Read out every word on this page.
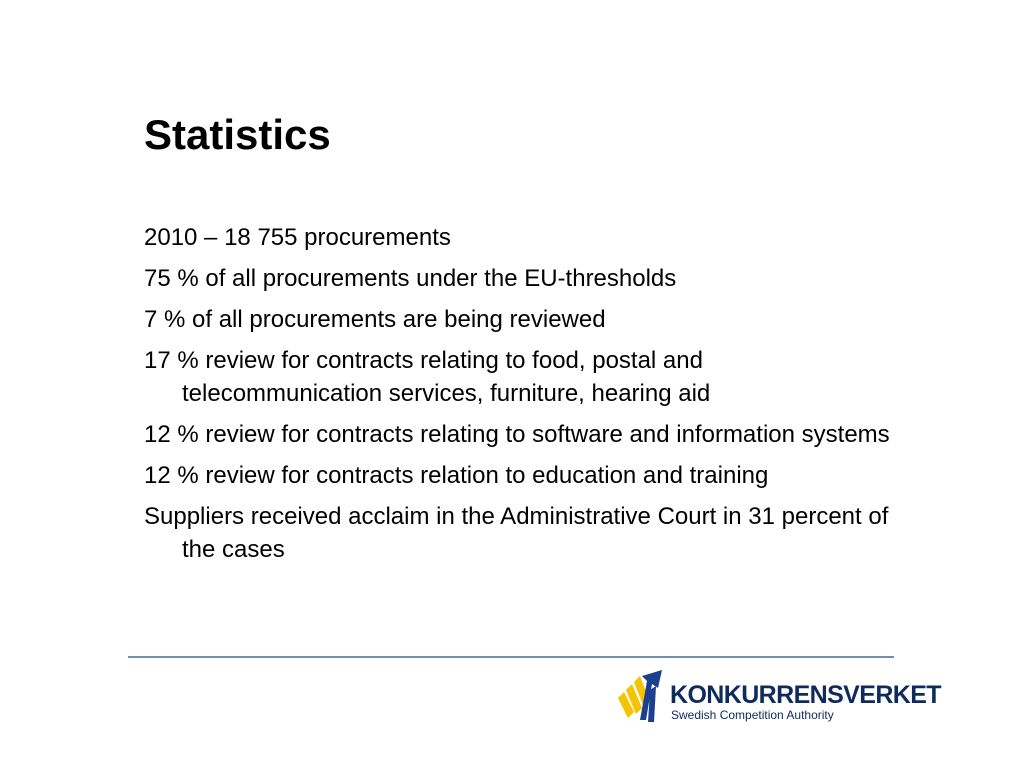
Statistics
2010 – 18 755 procurements
75 % of all procurements under the EU-thresholds
7 % of all procurements are being reviewed
17 % review for contracts relating to food, postal and telecommunication services, furniture, hearing aid
12 % review for contracts relating to software and information systems
12 % review for contracts relation to education and training
Suppliers received acclaim in the Administrative Court in 31 percent of the cases
KONKURRENSVERKET
Swedish Competition Authority
